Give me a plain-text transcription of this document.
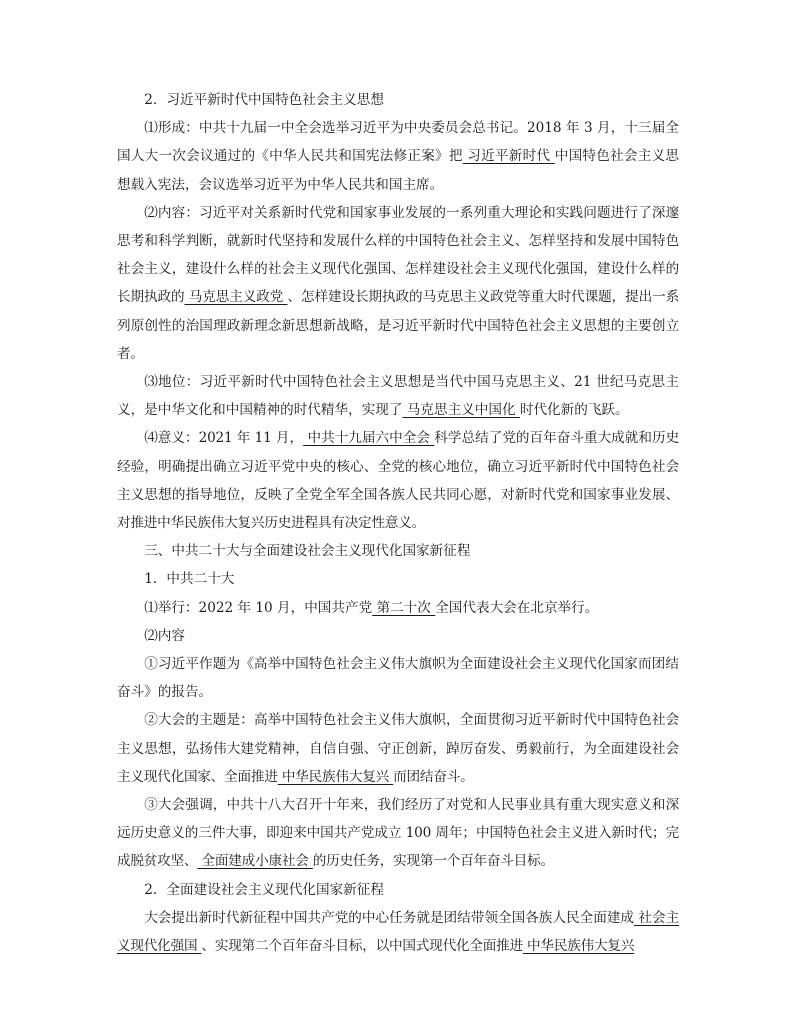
2．习近平新时代中国特色社会主义思想

⑴形成：中共十九届一中全会选举习近平为中央委员会总书记。2018 年 3 月，十三届全国人大一次会议通过的《中华人民共和国宪法修正案》把 习近平新时代 中国特色社会主义思想载入宪法，会议选举习近平为中华人民共和国主席。

⑵内容：习近平对关系新时代党和国家事业发展的一系列重大理论和实践问题进行了深邃思考和科学判断，就新时代坚持和发展什么样的中国特色社会主义、怎样坚持和发展中国特色社会主义，建设什么样的社会主义现代化强国、怎样建设社会主义现代化强国，建设什么样的长期执政的 马克思主义政党 、怎样建设长期执政的马克思主义政党等重大时代课题，提出一系列原创性的治国理政新理念新思想新战略，是习近平新时代中国特色社会主义思想的主要创立者。

⑶地位：习近平新时代中国特色社会主义思想是当代中国马克思主义、21 世纪马克思主义，是中华文化和中国精神的时代精华，实现了 马克思主义中国化 时代化新的飞跃。

⑷意义：2021 年 11 月， 中共十九届六中全会 科学总结了党的百年奋斗重大成就和历史经验，明确提出确立习近平党中央的核心、全党的核心地位，确立习近平新时代中国特色社会主义思想的指导地位，反映了全党全军全国各族人民共同心愿，对新时代党和国家事业发展、对推进中华民族伟大复兴历史进程具有决定性意义。

三、中共二十大与全面建设社会主义现代化国家新征程

1．中共二十大

⑴举行：2022 年 10 月，中国共产党 第二十次 全国代表大会在北京举行。

⑵内容

①习近平作题为《高举中国特色社会主义伟大旗帜为全面建设社会主义现代化国家而团结奋斗》的报告。

②大会的主题是：高举中国特色社会主义伟大旗帜，全面贯彻习近平新时代中国特色社会主义思想，弘扬伟大建党精神，自信自强、守正创新，踔厉奋发、勇毅前行，为全面建设社会主义现代化国家、全面推进 中华民族伟大复兴 而团结奋斗。

③大会强调，中共十八大召开十年来，我们经历了对党和人民事业具有重大现实意义和深远历史意义的三件大事，即迎来中国共产党成立 100 周年；中国特色社会主义进入新时代；完成脱贫攻坚、 全面建成小康社会 的历史任务，实现第一个百年奋斗目标。

2．全面建设社会主义现代化国家新征程

大会提出新时代新征程中国共产党的中心任务就是团结带领全国各族人民全面建成 社会主义现代化强国 、实现第二个百年奋斗目标，以中国式现代化全面推进 中华民族伟大复兴
